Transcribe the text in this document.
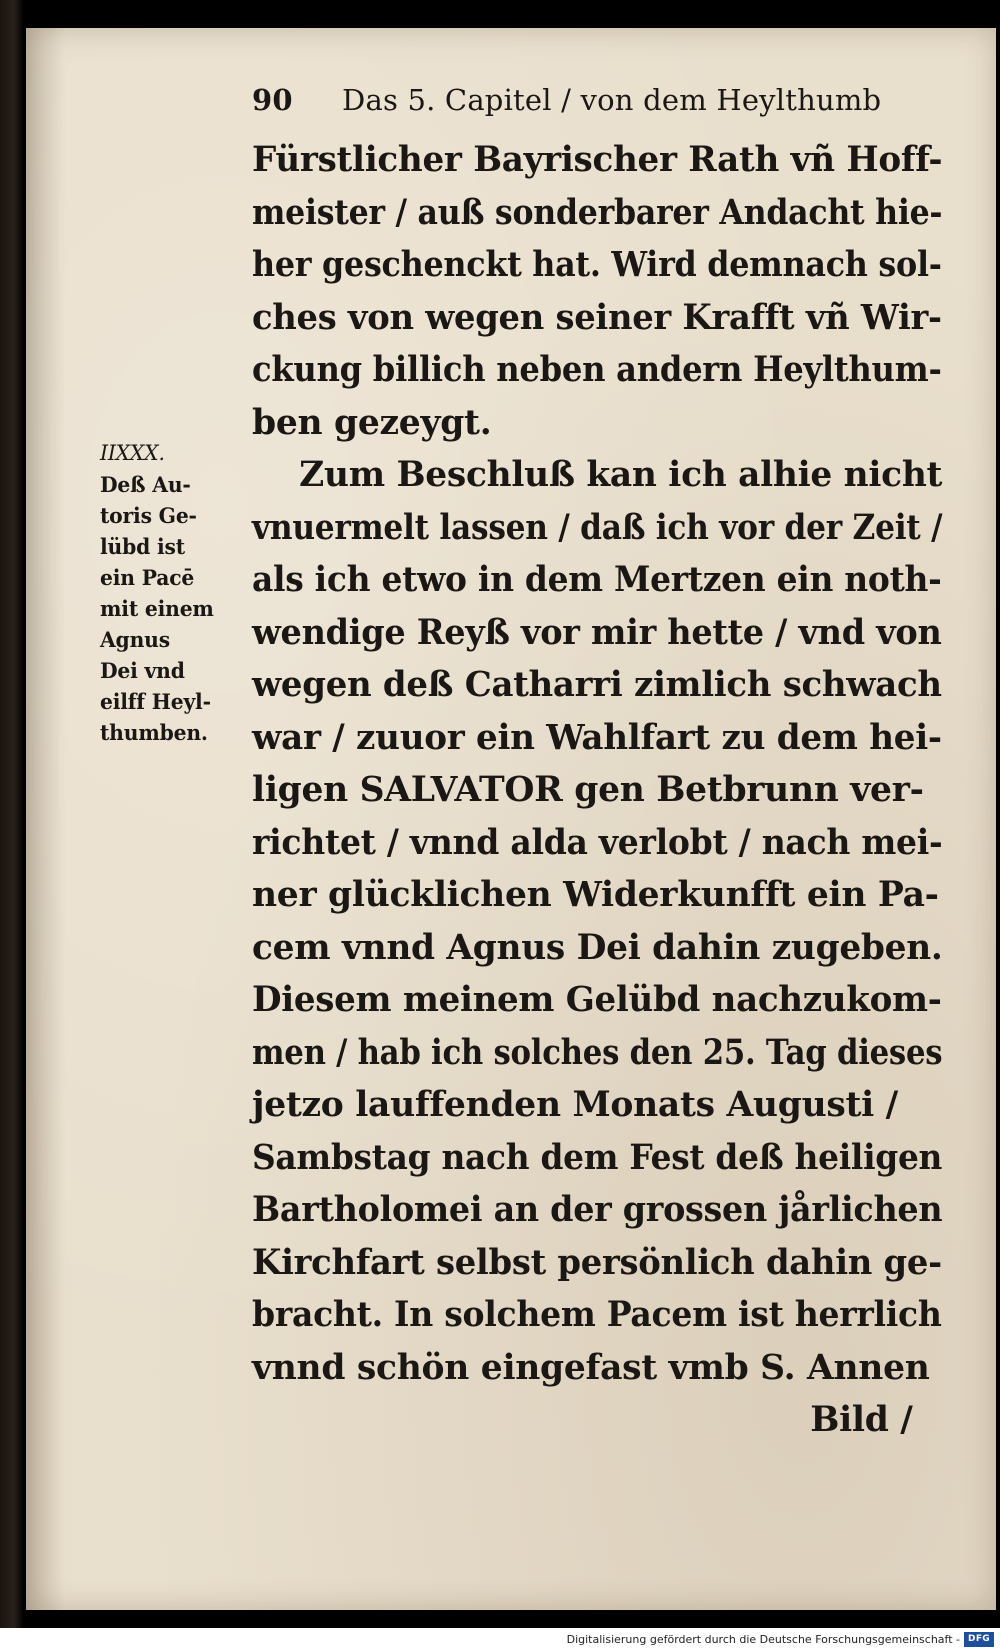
90 Das 5. Capitel / von dem Heylthumb
IIXXX.
Deß Au-
toris Ge-
lübd ist
ein Pacē
mit einem
Agnus
Dei vnd
eilff Heyl-
thumben.
Fürstlicher Bayrischer Rath vñ Hoff-
meister / auß sonderbarer Andacht hie-
her geschenckt hat. Wird demnach sol-
ches von wegen seiner Krafft vñ Wir-
ckung billich neben andern Heylthum-
ben gezeygt.
Zum Beschluß kan ich alhie nicht
vnuermelt lassen / daß ich vor der Zeit /
als ich etwo in dem Mertzen ein noth-
wendige Reyß vor mir hette / vnd von
wegen deß Catharri zimlich schwach
war / zuuor ein Wahlfart zu dem hei-
ligen SALVATOR gen Betbrunn ver-
richtet / vnnd alda verlobt / nach mei-
ner glücklichen Widerkunfft ein Pa-
cem vnnd Agnus Dei dahin zugeben.
Diesem meinem Gelübd nachzukom-
men / hab ich solches den 25. Tag dieses
jetzo lauffenden Monats Augusti /
Sambstag nach dem Fest deß heiligen
Bartholomei an der grossen jårlichen
Kirchfart selbst persönlich dahin ge-
bracht. In solchem Pacem ist herrlich
vnnd schön eingefast vmb S. Annen
Bild /
Digitalisierung gefördert durch die Deutsche Forschungsgemeinschaft - DFG
